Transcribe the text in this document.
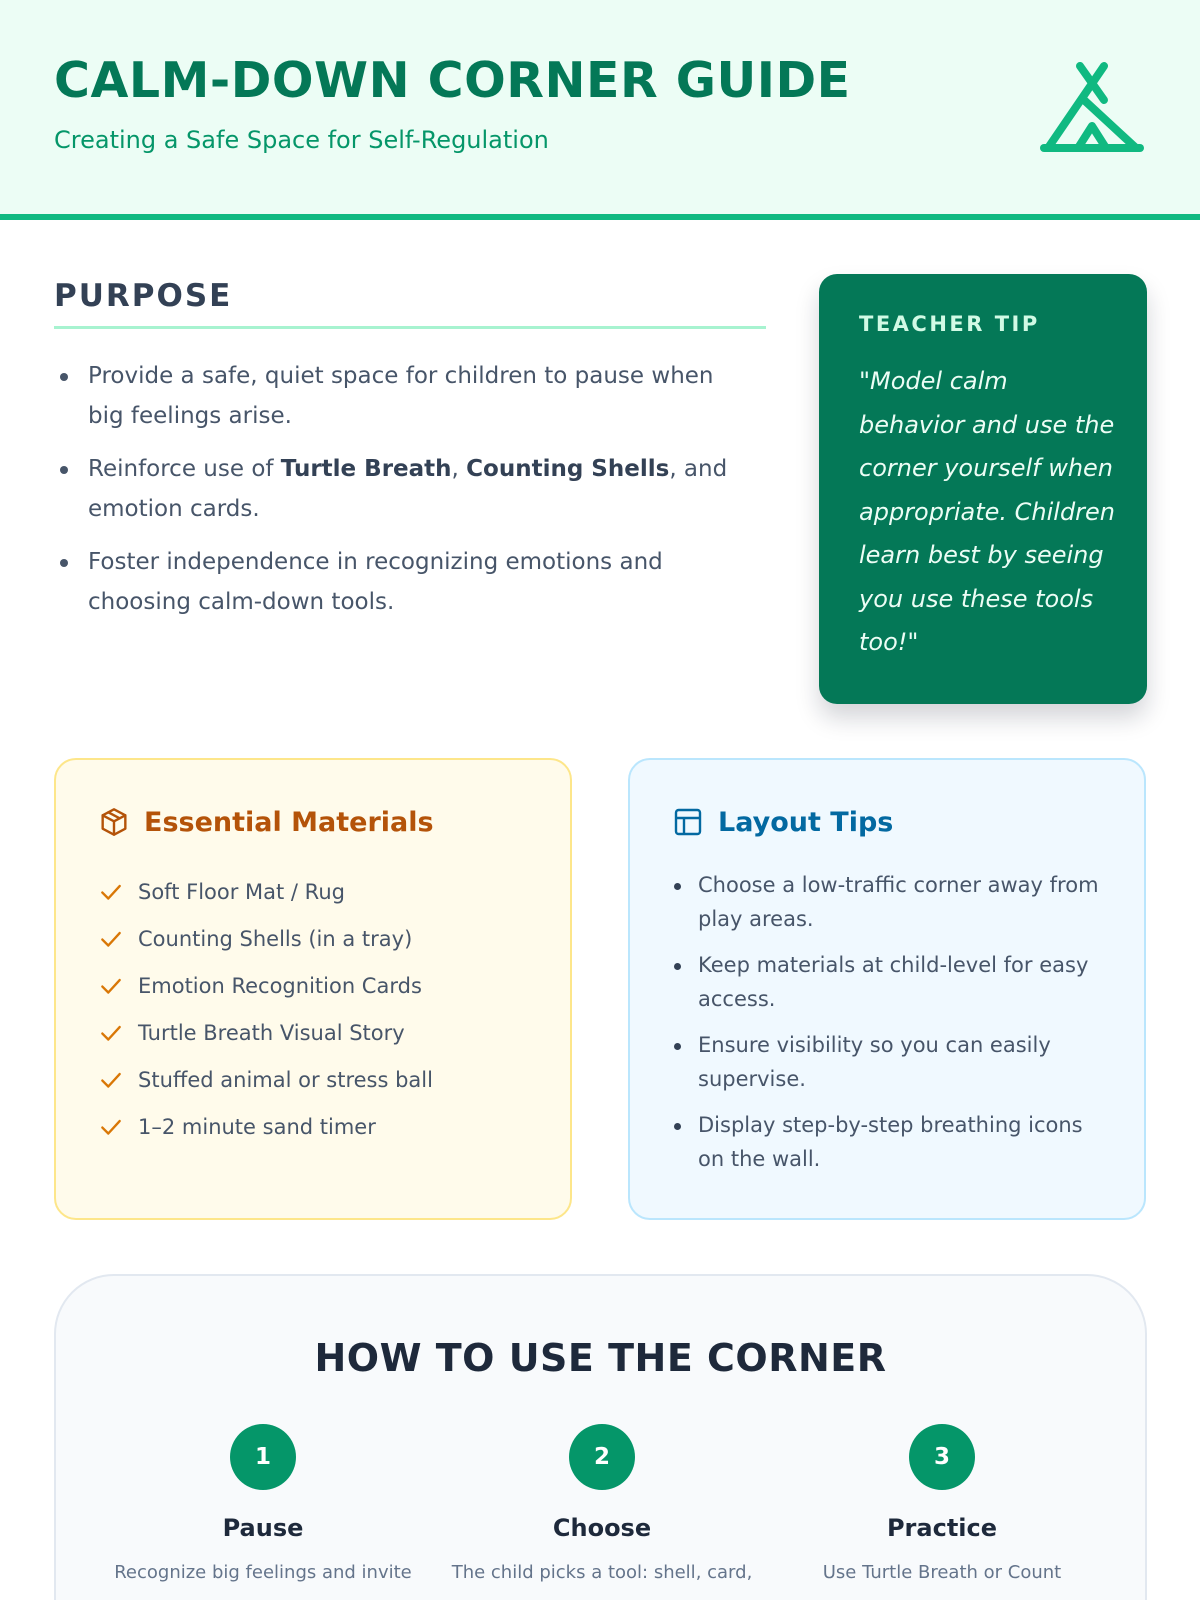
CALM-DOWN CORNER GUIDE
Creating a Safe Space for Self-Regulation
PURPOSE
Provide a safe, quiet space for children to pause when big feelings arise.
Reinforce use of Turtle Breath, Counting Shells, and emotion cards.
Foster independence in recognizing emotions and choosing calm-down tools.
TEACHER TIP

"Model calm behavior and use the corner yourself when appropriate. Children learn best by seeing you use these tools too!"

Essential Materials
Soft Floor Mat / Rug
Counting Shells (in a tray)
Emotion Recognition Cards
Turtle Breath Visual Story
Stuffed animal or stress ball
1–2 minute sand timer
Layout Tips
Choose a low-traffic corner away from play areas.
Keep materials at child-level for easy access.
Ensure visibility so you can easily supervise.
Display step-by-step breathing icons on the wall.
HOW TO USE THE CORNER
1
Pause
Recognize big feelings and invite
2
Choose
The child picks a tool: shell, card,
3
Practice
Use Turtle Breath or Count
